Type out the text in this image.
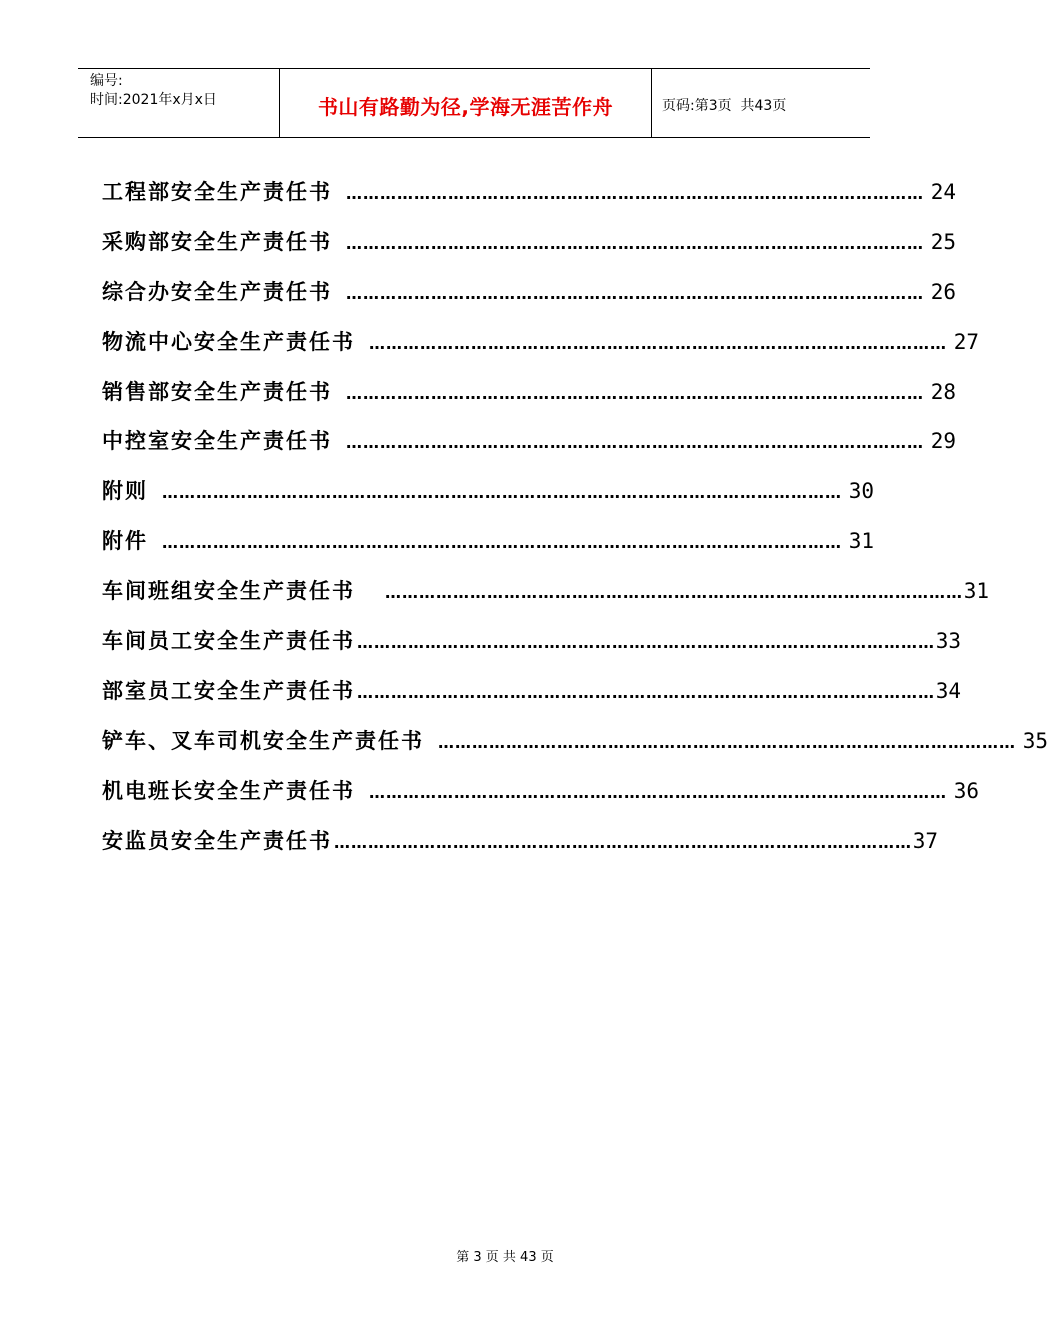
编号:
时间:2021年x月x日	书山有路勤为径,学海无涯苦作舟	页码:第3页  共43页
工程部安全生产责任书 ………………………………………………………………………………………… 24
采购部安全生产责任书 ………………………………………………………………………………………… 25
综合办安全生产责任书 ………………………………………………………………………………………… 26
物流中心安全生产责任书 ………………………………………………………………………………………… 27
销售部安全生产责任书 ………………………………………………………………………………………… 28
中控室安全生产责任书 ………………………………………………………………………………………… 29
附则 ………………………………………………………………………………………………………… 30
附件 ………………………………………………………………………………………………………… 31
车间班组安全生产责任书 ………………………………………………………………………………………… 31
车间员工安全生产责任书 ………………………………………………………………………………………… 33
部室员工安全生产责任书 ………………………………………………………………………………………… 34
铲车、叉车司机安全生产责任书 ………………………………………………………………………………………… 35
机电班长安全生产责任书 ………………………………………………………………………………………… 36
安监员安全生产责任书 ………………………………………………………………………………………… 37
第 3 页 共 43 页
